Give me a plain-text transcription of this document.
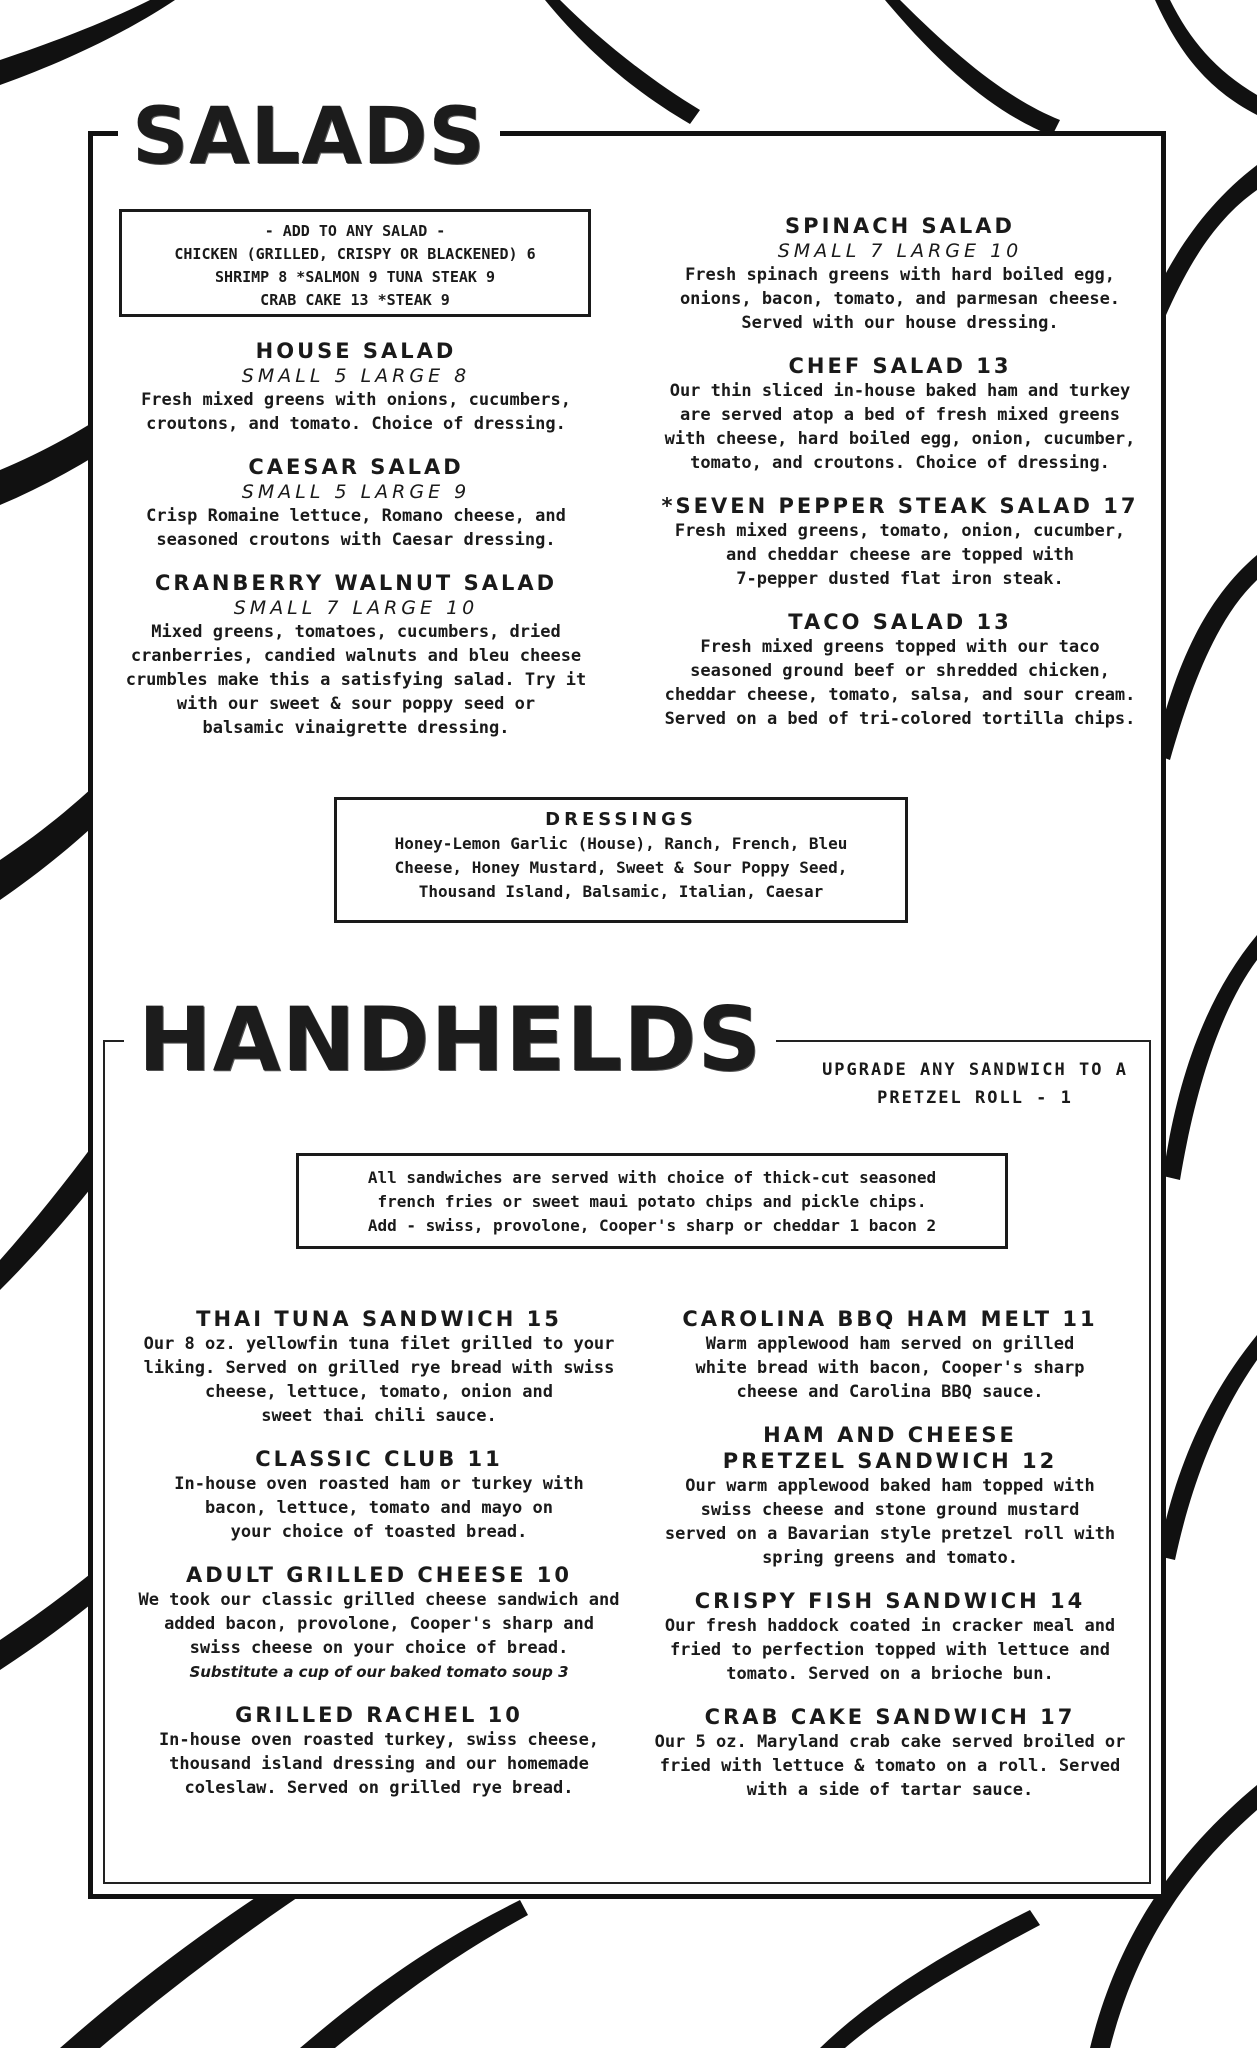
SALADS
HANDHELDS
- ADD TO ANY SALAD -
CHICKEN (GRILLED, CRISPY OR BLACKENED) 6
SHRIMP 8 *SALMON 9 TUNA STEAK 9
CRAB CAKE 13 *STEAK 9
HOUSE SALAD
SMALL 5 LARGE 8
Fresh mixed greens with onions, cucumbers,
croutons, and tomato. Choice of dressing.
CAESAR SALAD
SMALL 5 LARGE 9
Crisp Romaine lettuce, Romano cheese, and
seasoned croutons with Caesar dressing.
CRANBERRY WALNUT SALAD
SMALL 7 LARGE 10
Mixed greens, tomatoes, cucumbers, dried
cranberries, candied walnuts and bleu cheese
crumbles make this a satisfying salad. Try it
with our sweet & sour poppy seed or
balsamic vinaigrette dressing.
SPINACH SALAD
SMALL 7 LARGE 10
Fresh spinach greens with hard boiled egg,
onions, bacon, tomato, and parmesan cheese.
Served with our house dressing.
CHEF SALAD 13
Our thin sliced in-house baked ham and turkey
are served atop a bed of fresh mixed greens
with cheese, hard boiled egg, onion, cucumber,
tomato, and croutons. Choice of dressing.
*SEVEN PEPPER STEAK SALAD 17
Fresh mixed greens, tomato, onion, cucumber,
and cheddar cheese are topped with
7-pepper dusted flat iron steak.
TACO SALAD 13
Fresh mixed greens topped with our taco
seasoned ground beef or shredded chicken,
cheddar cheese, tomato, salsa, and sour cream.
Served on a bed of tri-colored tortilla chips.
DRESSINGS
Honey-Lemon Garlic (House), Ranch, French, Bleu
Cheese, Honey Mustard, Sweet & Sour Poppy Seed,
Thousand Island, Balsamic, Italian, Caesar
UPGRADE ANY SANDWICH TO A
PRETZEL ROLL - 1
All sandwiches are served with choice of thick-cut seasoned
french fries or sweet maui potato chips and pickle chips.
Add - swiss, provolone, Cooper's sharp or cheddar 1 bacon 2
THAI TUNA SANDWICH 15
Our 8 oz. yellowfin tuna filet grilled to your
liking. Served on grilled rye bread with swiss
cheese, lettuce, tomato, onion and
sweet thai chili sauce.
CLASSIC CLUB 11
In-house oven roasted ham or turkey with
bacon, lettuce, tomato and mayo on
your choice of toasted bread.
ADULT GRILLED CHEESE 10
We took our classic grilled cheese sandwich and
added bacon, provolone, Cooper's sharp and
swiss cheese on your choice of bread.
Substitute a cup of our baked tomato soup 3
GRILLED RACHEL 10
In-house oven roasted turkey, swiss cheese,
thousand island dressing and our homemade
coleslaw. Served on grilled rye bread.
CAROLINA BBQ HAM MELT 11
Warm applewood ham served on grilled
white bread with bacon, Cooper's sharp
cheese and Carolina BBQ sauce.
HAM AND CHEESE
PRETZEL SANDWICH 12
Our warm applewood baked ham topped with
swiss cheese and stone ground mustard
served on a Bavarian style pretzel roll with
spring greens and tomato.
CRISPY FISH SANDWICH 14
Our fresh haddock coated in cracker meal and
fried to perfection topped with lettuce and
tomato. Served on a brioche bun.
CRAB CAKE SANDWICH 17
Our 5 oz. Maryland crab cake served broiled or
fried with lettuce & tomato on a roll. Served
with a side of tartar sauce.
